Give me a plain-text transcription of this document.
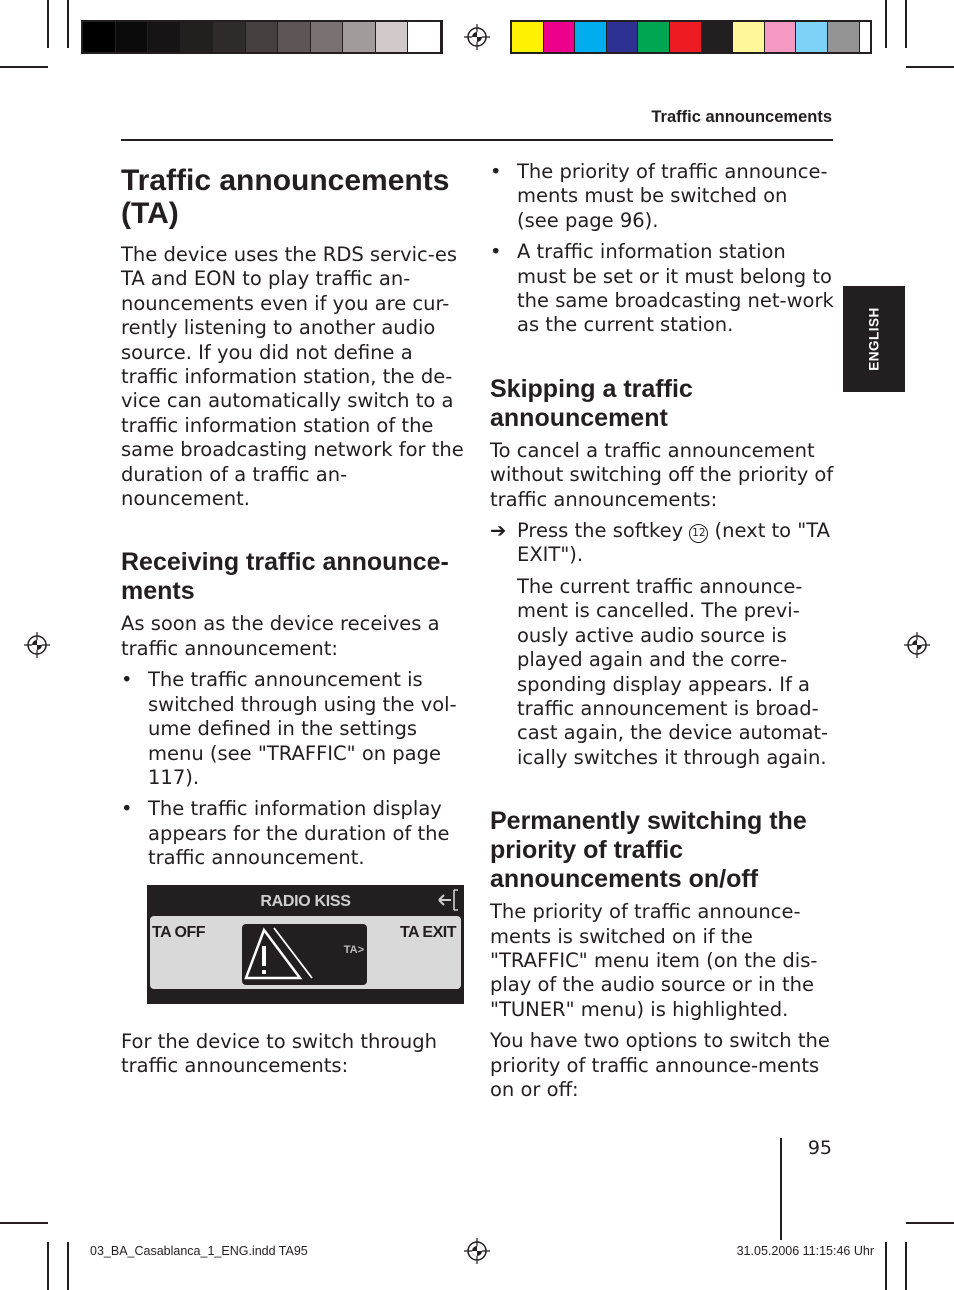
Traffic announcements
ENGLISH
Traffic announcements (TA)

The device uses the RDS servic-es TA and EON to play traffic an-nouncements even if you are cur-rently listening to another audio source. If you did not define a traffic information station, the de-vice can automatically switch to a traffic information station of the same broadcasting network for the duration of a traffic an-nouncement.

Receiving traffic announce-ments

As soon as the device receives a traffic announcement:

• The traffic announcement is switched through using the vol-ume defined in the settings menu (see "TRAFFIC" on page 117).
• The traffic information display appears for the duration of the traffic announcement.
RADIO KISS
TA OFF	TA EXIT
TA>

For the device to switch through traffic announcements:

• The priority of traffic announce-ments must be switched on (see page 96).
• A traffic information station must be set or it must belong to the same broadcasting net-work as the current station.
Skipping a traffic announcement

To cancel a traffic announcement without switching off the priority of traffic announcements:

➔ Press the softkey 12 (next to "TA EXIT").

The current traffic announce-ment is cancelled. The previ-ously active audio source is played again and the corre-sponding display appears. If a traffic announcement is broad-cast again, the device automat-ically switches it through again.

Permanently switching the priority of traffic announcements on/off

The priority of traffic announce-ments is switched on if the "TRAFFIC" menu item (on the dis-play of the audio source or in the "TUNER" menu) is highlighted.

You have two options to switch the priority of traffic announce-ments on or off:

95
03_BA_Casablanca_1_ENG.indd TA95	31.05.2006 11:15:46 Uhr
